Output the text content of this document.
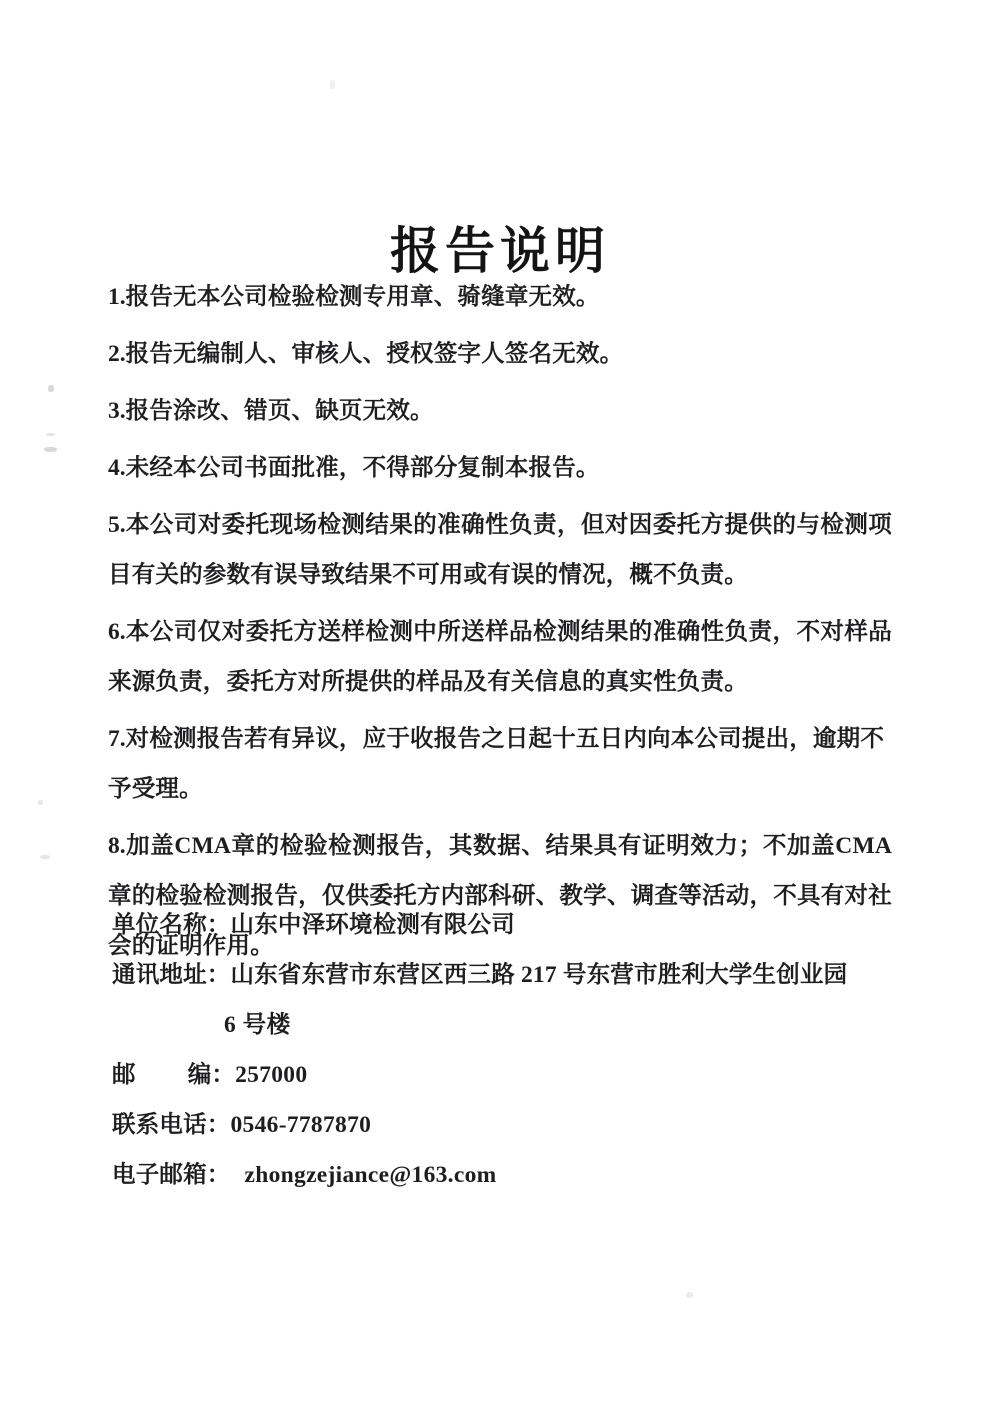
报告说明

1.报告无本公司检验检测专用章、骑缝章无效。

2.报告无编制人、审核人、授权签字人签名无效。

3.报告涂改、错页、缺页无效。

4.未经本公司书面批准，不得部分复制本报告。

5.本公司对委托现场检测结果的准确性负责，但对因委托方提供的与检测项目有关的参数有误导致结果不可用或有误的情况，概不负责。

6.本公司仅对委托方送样检测中所送样品检测结果的准确性负责，不对样品来源负责，委托方对所提供的样品及有关信息的真实性负责。

7.对检测报告若有异议，应于收报告之日起十五日内向本公司提出，逾期不予受理。

8.加盖CMA章的检验检测报告，其数据、结果具有证明效力；不加盖CMA章的检验检测报告，仅供委托方内部科研、教学、调查等活动，不具有对社会的证明作用。

单位名称：山东中泽环境检测有限公司
通讯地址：山东省东营市东营区西三路 217 号东营市胜利大学生创业园
6 号楼
邮 编：257000
联系电话：0546-7787870
电子邮箱： zhongzejiance@163.com
